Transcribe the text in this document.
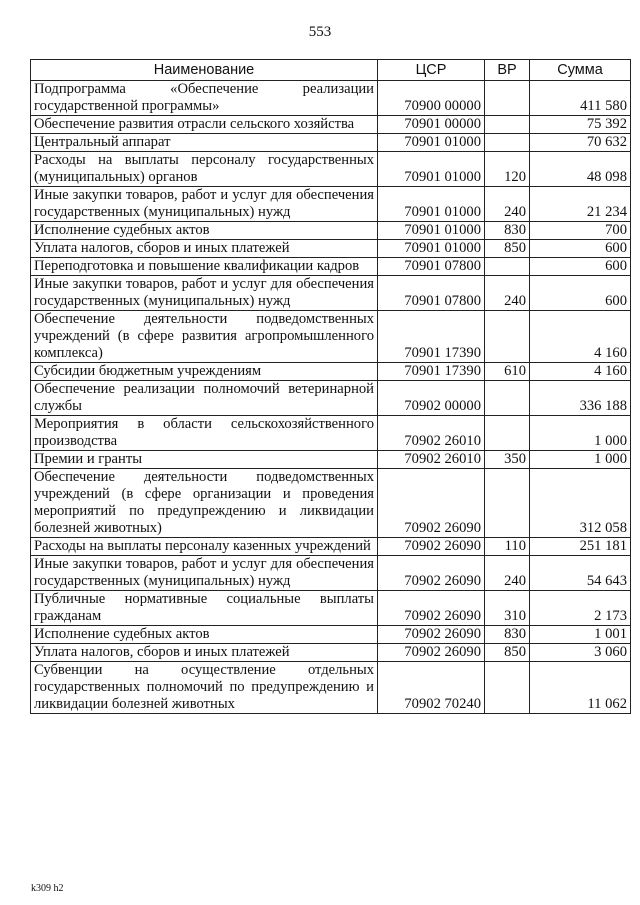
553
Наименование	ЦСР	ВР	Сумма
Подпрограмма «Обеспечение реализации государственной программы»	70900 00000		411 580
Обеспечение развития отрасли сельского хозяйства	70901 00000		75 392
Центральный аппарат	70901 01000		70 632
Расходы на выплаты персоналу государственных (муниципальных) органов	70901 01000	120	48 098
Иные закупки товаров, работ и услуг для обеспечения государственных (муниципальных) нужд	70901 01000	240	21 234
Исполнение судебных актов	70901 01000	830	700
Уплата налогов, сборов и иных платежей	70901 01000	850	600
Переподготовка и повышение квалификации кадров	70901 07800		600
Иные закупки товаров, работ и услуг для обеспечения государственных (муниципальных) нужд	70901 07800	240	600
Обеспечение деятельности подведомственных учреждений (в сфере развития агропромышленного комплекса)	70901 17390		4 160
Субсидии бюджетным учреждениям	70901 17390	610	4 160
Обеспечение реализации полномочий ветеринарной службы	70902 00000		336 188
Мероприятия в области сельскохозяйственного производства	70902 26010		1 000
Премии и гранты	70902 26010	350	1 000
Обеспечение деятельности подведомственных учреждений (в сфере организации и проведения мероприятий по предупреждению и ликвидации болезней животных)	70902 26090		312 058
Расходы на выплаты персоналу казенных учреждений	70902 26090	110	251 181
Иные закупки товаров, работ и услуг для обеспечения государственных (муниципальных) нужд	70902 26090	240	54 643
Публичные нормативные социальные выплаты гражданам	70902 26090	310	2 173
Исполнение судебных актов	70902 26090	830	1 001
Уплата налогов, сборов и иных платежей	70902 26090	850	3 060
Субвенции на осуществление отдельных государственных полномочий по предупреждению и ликвидации болезней животных	70902 70240		11 062
k309 h2
